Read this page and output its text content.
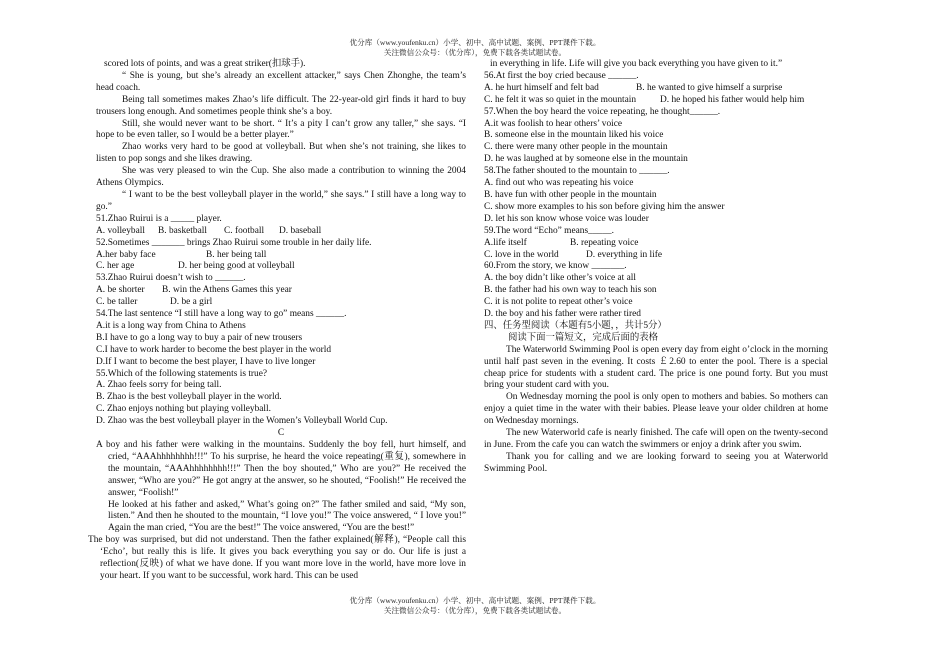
优分库（www.youfenku.cn）小学、初中、高中试题、案例、PPT课件下载。
关注微信公众号：（优分库），免费下载各类试题试卷。

scored lots of points, and was a great striker(扣球手).

“ She is young, but she’s already an excellent attacker,” says Chen Zhonghe, the team’s head coach.

Being tall sometimes makes Zhao’s life difficult. The 22-year-old girl finds it hard to buy trousers long enough. And sometimes people think she’s a boy.

Still, she would never want to be short. “ It’s a pity I can’t grow any taller,” she says. “I hope to be even taller, so I would be a better player.”

Zhao works very hard to be good at volleyball. But when she’s not training, she likes to listen to pop songs and she likes drawing.

She was very pleased to win the Cup. She also made a contribution to winning the 2004 Athens Olympics.

“ I want to be the best volleyball player in the world,” she says.” I still have a long way to go.”

51.Zhao Ruirui is a _____ player.

A. volleyball B. basketball C. football D. baseball

52.Sometimes _______ brings Zhao Ruirui some trouble in her daily life.

A.her baby face	B. her being tall

C. her age	D. her being good at volleyball

53.Zhao Ruirui doesn’t wish to ______.

A. be shorter B. win the Athens Games this year

C. be taller	D. be a girl

54.The last sentence “I still have a long way to go” means ______.

A.it is a long way from China to Athens

B.I have to go a long way to buy a pair of new trousers

C.I have to work harder to become the best player in the world

D.If I want to become the best player, I have to live longer

55.Which of the following statements is true?

A. Zhao feels sorry for being tall.

B. Zhao is the best volleyball player in the world.

C. Zhao enjoys nothing but playing volleyball.

D. Zhao was the best volleyball player in the Women’s Volleyball World Cup.

C

A boy and his father were walking in the mountains. Suddenly the boy fell, hurt himself, and cried, “AAAhhhhhhhh!!!” To his surprise, he heard the voice repeating(重复), somewhere in the mountain, “AAAhhhhhhhh!!!” Then the boy shouted,” Who are you?” He received the answer, “Who are you?” He got angry at the answer, so he shouted, “Foolish!” He received the answer, “Foolish!”

He looked at his father and asked,” What’s going on?” The father smiled and said, “My son, listen.” And then he shouted to the mountain, “I love you!” The voice answered, “ I love you!” Again the man cried, “You are the best!” The voice answered, “You are the best!”

The boy was surprised, but did not understand. Then the father explained(解释), “People call this ‘Echo’, but really this is life. It gives you back everything you say or do. Our life is just a reflection(反映) of what we have done. If you want more love in the world, have more love in your heart. If you want to be successful, work hard. This can be used

in everything in life. Life will give you back everything you have given to it.”

56.At first the boy cried because ______.

A. he hurt himself and felt bad	B. he wanted to give himself a surprise

C. he felt it was so quiet in the mountain	D. he hoped his father would help him

57.When the boy heard the voice repeating, he thought______.

A.it was foolish to hear others’ voice

B. someone else in the mountain liked his voice

C. there were many other people in the mountain

D. he was laughed at by someone else in the mountain

58.The father shouted to the mountain to ______.

A. find out who was repeating his voice

B. have fun with other people in the mountain

C. show more examples to his son before giving him the answer

D. let his son know whose voice was louder

59.The word “Echo” means_____.

A.life itself	B. repeating voice

C. love in the world	D. everything in life

60.From the story, we know _______.

A. the boy didn’t like other’s voice at all

B. the father had his own way to teach his son

C. it is not polite to repeat other’s voice

D. the boy and his father were rather tired

四、任务型阅读（本题有5小题，，共计5分）

阅读下面一篇短文，完成后面的表格

The Waterworld Swimming Pool is open every day from eight o’clock in the morning until half past seven in the evening. It costs ￡2.60 to enter the pool. There is a special cheap price for students with a student card. The price is one pound forty. But you must bring your student card with you.

On Wednesday morning the pool is only open to mothers and babies. So mothers can enjoy a quiet time in the water with their babies. Please leave your older children at home on Wednesday mornings.

The new Waterworld cafe is nearly finished. The cafe will open on the twenty-second in June. From the cafe you can watch the swimmers or enjoy a drink after you swim.

Thank you for calling and we are looking forward to seeing you at Waterworld Swimming Pool.

优分库（www.youfenku.cn）小学、初中、高中试题、案例、PPT课件下载。
关注微信公众号：（优分库），免费下载各类试题试卷。
